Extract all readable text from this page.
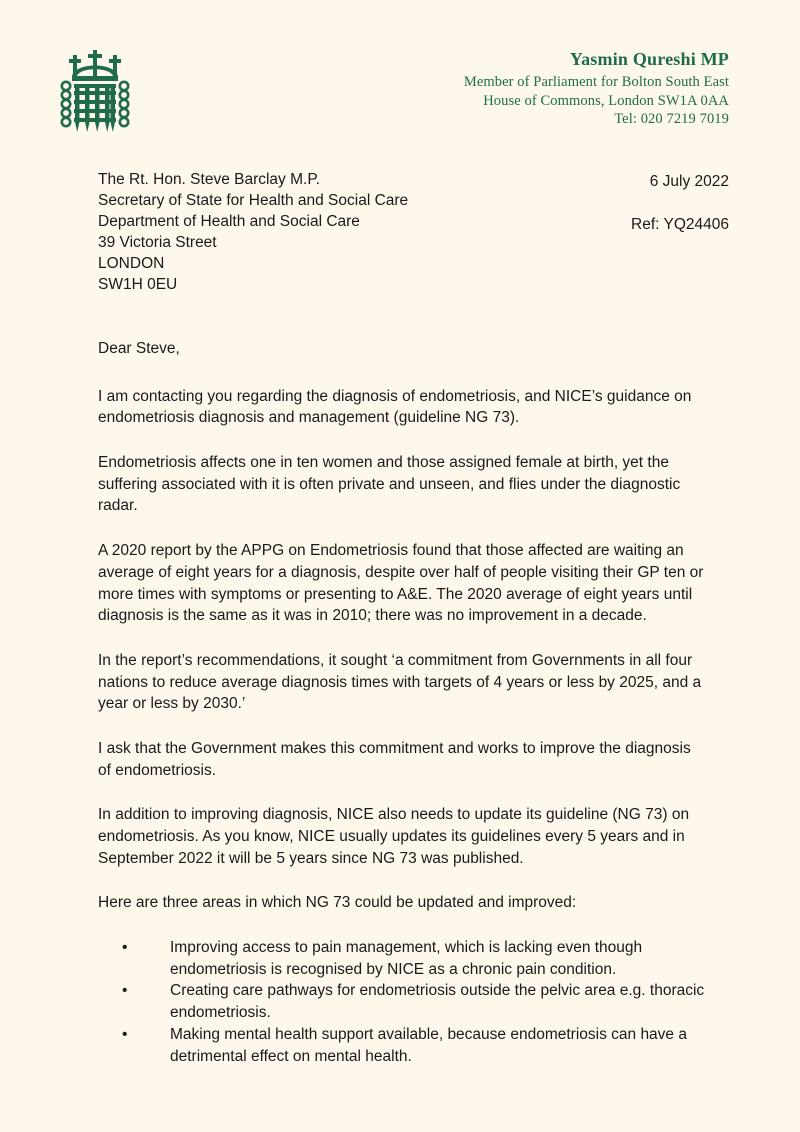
Yasmin Qureshi MP
Member of Parliament for Bolton South East
House of Commons, London SW1A 0AA
Tel: 020 7219 7019
The Rt. Hon. Steve Barclay M.P.
Secretary of State for Health and Social Care
Department of Health and Social Care
39 Victoria Street
LONDON
SW1H 0EU
6 July 2022
Ref: YQ24406

Dear Steve,

I am contacting you regarding the diagnosis of endometriosis, and NICE’s guidance on endometriosis diagnosis and management (guideline NG 73).

Endometriosis affects one in ten women and those assigned female at birth, yet the suffering associated with it is often private and unseen, and flies under the diagnostic radar.

A 2020 report by the APPG on Endometriosis found that those affected are waiting an average of eight years for a diagnosis, despite over half of people visiting their GP ten or more times with symptoms or presenting to A&E. The 2020 average of eight years until diagnosis is the same as it was in 2010; there was no improvement in a decade.

In the report’s recommendations, it sought ‘a commitment from Governments in all four nations to reduce average diagnosis times with targets of 4 years or less by 2025, and a year or less by 2030.’

I ask that the Government makes this commitment and works to improve the diagnosis of endometriosis.

In addition to improving diagnosis, NICE also needs to update its guideline (NG 73) on endometriosis. As you know, NICE usually updates its guidelines every 5 years and in September 2022 it will be 5 years since NG 73 was published.

Here are three areas in which NG 73 could be updated and improved:

•	Improving access to pain management, which is lacking even though endometriosis is recognised by NICE as a chronic pain condition.
•	Creating care pathways for endometriosis outside the pelvic area e.g. thoracic endometriosis.
•	Making mental health support available, because endometriosis can have a detrimental effect on mental health.
